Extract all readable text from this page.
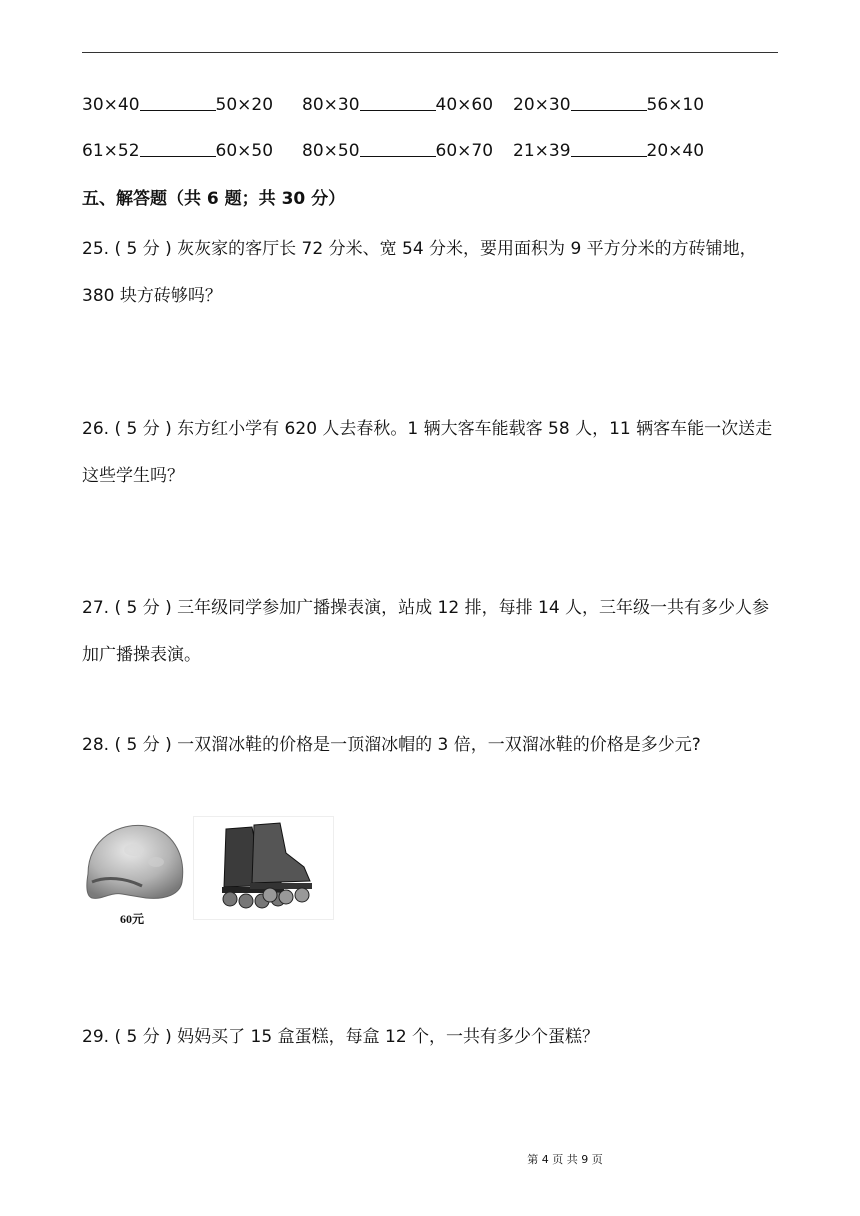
30×40	50×20 80×30	40×60 20×30	56×10
61×52	60×50 80×50	60×70 21×39	20×40
五、解答题（共 6 题；共 30 分）
25. ( 5 分 ) 灰灰家的客厅长 72 分米、宽 54 分米，要用面积为 9 平方分米的方砖铺地，380 块方砖够吗？
26. ( 5 分 ) 东方红小学有 620 人去春秋。1 辆大客车能载客 58 人，11 辆客车能一次送走这些学生吗？
27. ( 5 分 ) 三年级同学参加广播操表演，站成 12 排，每排 14 人，三年级一共有多少人参加广播操表演。
28. ( 5 分 ) 一双溜冰鞋的价格是一顶溜冰帽的 3 倍，一双溜冰鞋的价格是多少元?
60元
29. ( 5 分 ) 妈妈买了 15 盒蛋糕，每盒 12 个，一共有多少个蛋糕？
第 4 页 共 9 页
